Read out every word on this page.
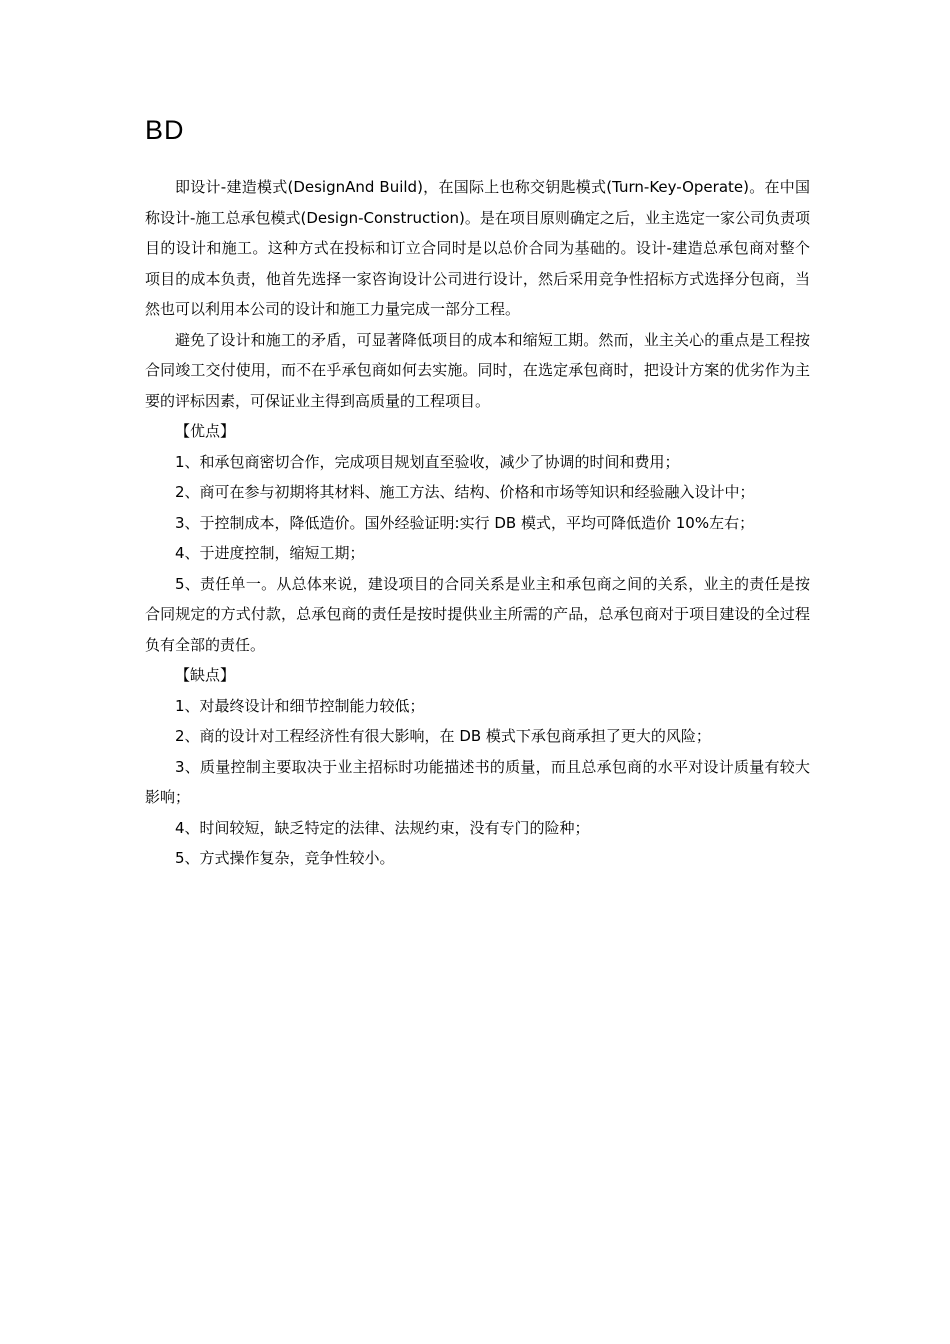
BD

即设计-建造模式(DesignAnd Build)，在国际上也称交钥匙模式(Turn-Key-Operate)。在中国称设计-施工总承包模式(Design-Construction)。是在项目原则确定之后，业主选定一家公司负责项目的设计和施工。这种方式在投标和订立合同时是以总价合同为基础的。设计-建造总承包商对整个项目的成本负责，他首先选择一家咨询设计公司进行设计，然后采用竞争性招标方式选择分包商，当然也可以利用本公司的设计和施工力量完成一部分工程。

避免了设计和施工的矛盾，可显著降低项目的成本和缩短工期。然而，业主关心的重点是工程按合同竣工交付使用，而不在乎承包商如何去实施。同时，在选定承包商时，把设计方案的优劣作为主要的评标因素，可保证业主得到高质量的工程项目。

【优点】

1、和承包商密切合作，完成项目规划直至验收，减少了协调的时间和费用；

2、商可在参与初期将其材料、施工方法、结构、价格和市场等知识和经验融入设计中；

3、于控制成本，降低造价。国外经验证明:实行 DB 模式，平均可降低造价 10%左右；

4、于进度控制，缩短工期；

5、责任单一。从总体来说，建设项目的合同关系是业主和承包商之间的关系，业主的责任是按合同规定的方式付款，总承包商的责任是按时提供业主所需的产品，总承包商对于项目建设的全过程负有全部的责任。

【缺点】

1、对最终设计和细节控制能力较低；

2、商的设计对工程经济性有很大影响，在 DB 模式下承包商承担了更大的风险；

3、质量控制主要取决于业主招标时功能描述书的质量，而且总承包商的水平对设计质量有较大影响；

4、时间较短，缺乏特定的法律、法规约束，没有专门的险种；

5、方式操作复杂，竞争性较小。
